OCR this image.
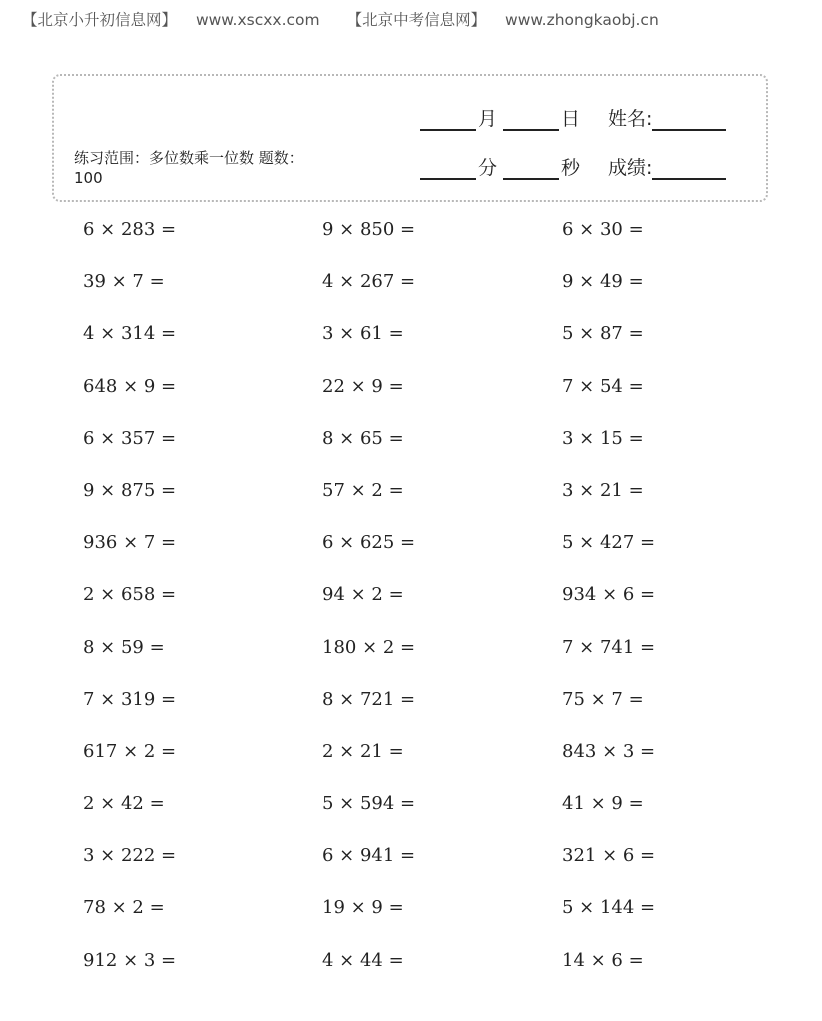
【北京小升初信息网】 www.xscxx.com 【北京中考信息网】 www.zhongkaobj.cn
练习范围：多位数乘一位数 题数：100
月	日 姓名:
分	秒 成绩:
6 × 283 =	9 × 850 =	6 × 30 =
39 × 7 =	4 × 267 =	9 × 49 =
4 × 314 =	3 × 61 =	5 × 87 =
648 × 9 =	22 × 9 =	7 × 54 =
6 × 357 =	8 × 65 =	3 × 15 =
9 × 875 =	57 × 2 =	3 × 21 =
936 × 7 =	6 × 625 =	5 × 427 =
2 × 658 =	94 × 2 =	934 × 6 =
8 × 59 =	180 × 2 =	7 × 741 =
7 × 319 =	8 × 721 =	75 × 7 =
617 × 2 =	2 × 21 =	843 × 3 =
2 × 42 =	5 × 594 =	41 × 9 =
3 × 222 =	6 × 941 =	321 × 6 =
78 × 2 =	19 × 9 =	5 × 144 =
912 × 3 =	4 × 44 =	14 × 6 =
